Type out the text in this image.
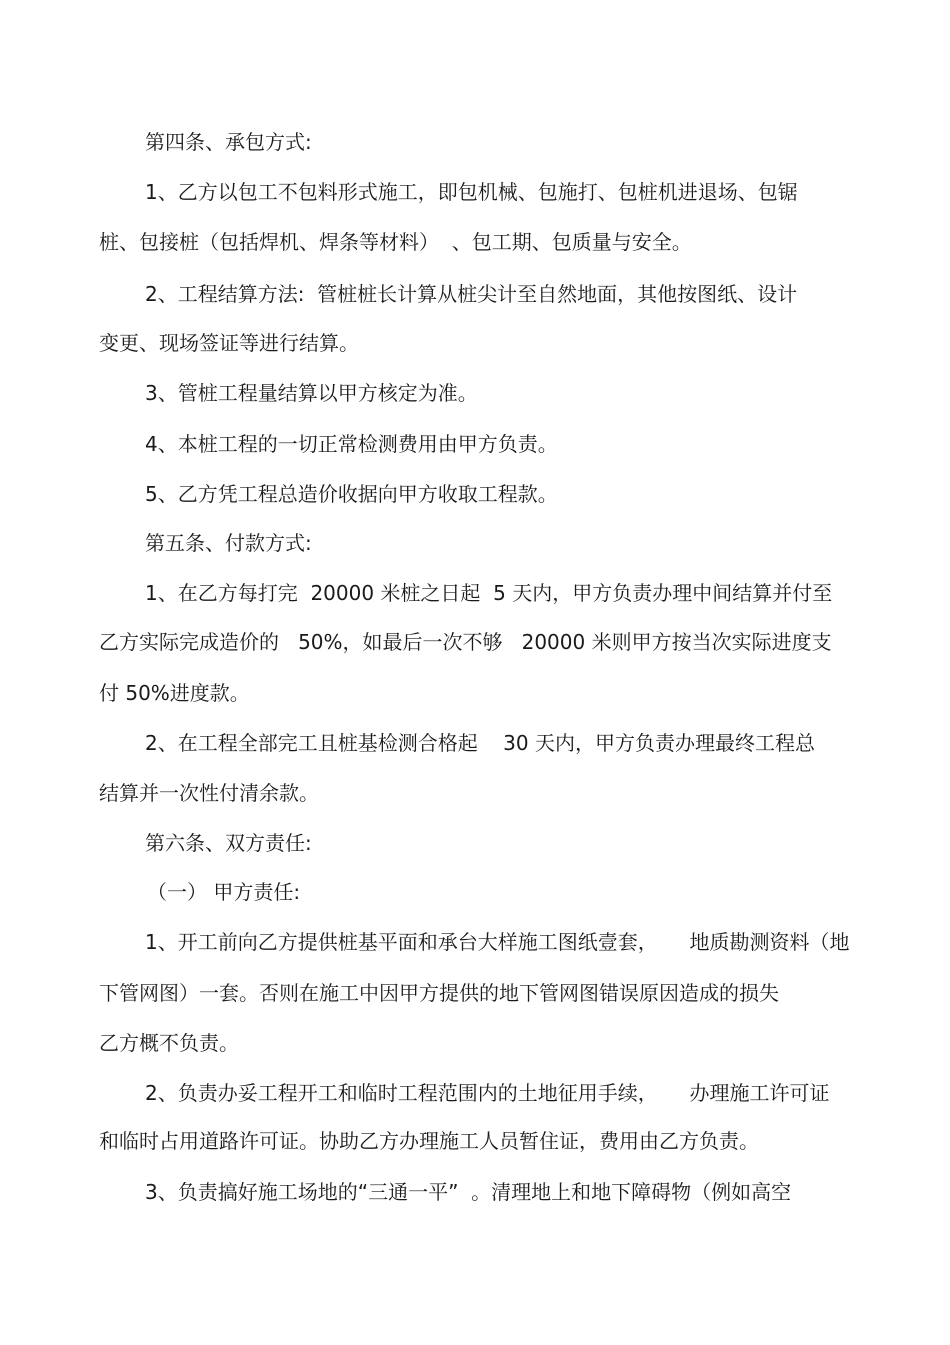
第四条、承包方式:

1、乙方以包工不包料形式施工，即包机械、包施打、包桩机进退场、包锯

桩、包接桩（包括焊机、焊条等材料）  、包工期、包质量与安全。

2、工程结算方法:  管桩桩长计算从桩尖计至自然地面，其他按图纸、设计

变更、现场签证等进行结算。

3、管桩工程量结算以甲方核定为准。

4、本桩工程的一切正常检测费用由甲方负责。

5、乙方凭工程总造价收据向甲方收取工程款。

第五条、付款方式:

1、在乙方每打完  20000 米桩之日起  5 天内，甲方负责办理中间结算并付至

乙方实际完成造价的   50%，如最后一次不够   20000 米则甲方按当次实际进度支

付 50%进度款。

2、在工程全部完工且桩基检测合格起    30 天内，甲方负责办理最终工程总

结算并一次性付清余款。

第六条、双方责任:

（一） 甲方责任:

1、开工前向乙方提供桩基平面和承台大样施工图纸壹套，     地质勘测资料（地

下管网图）一套。否则在施工中因甲方提供的地下管网图错误原因造成的损失

乙方概不负责。

2、负责办妥工程开工和临时工程范围内的土地征用手续，     办理施工许可证

和临时占用道路许可证。协助乙方办理施工人员暂住证，费用由乙方负责。

3、负责搞好施工场地的“三通一平”  。清理地上和地下障碍物（例如高空
